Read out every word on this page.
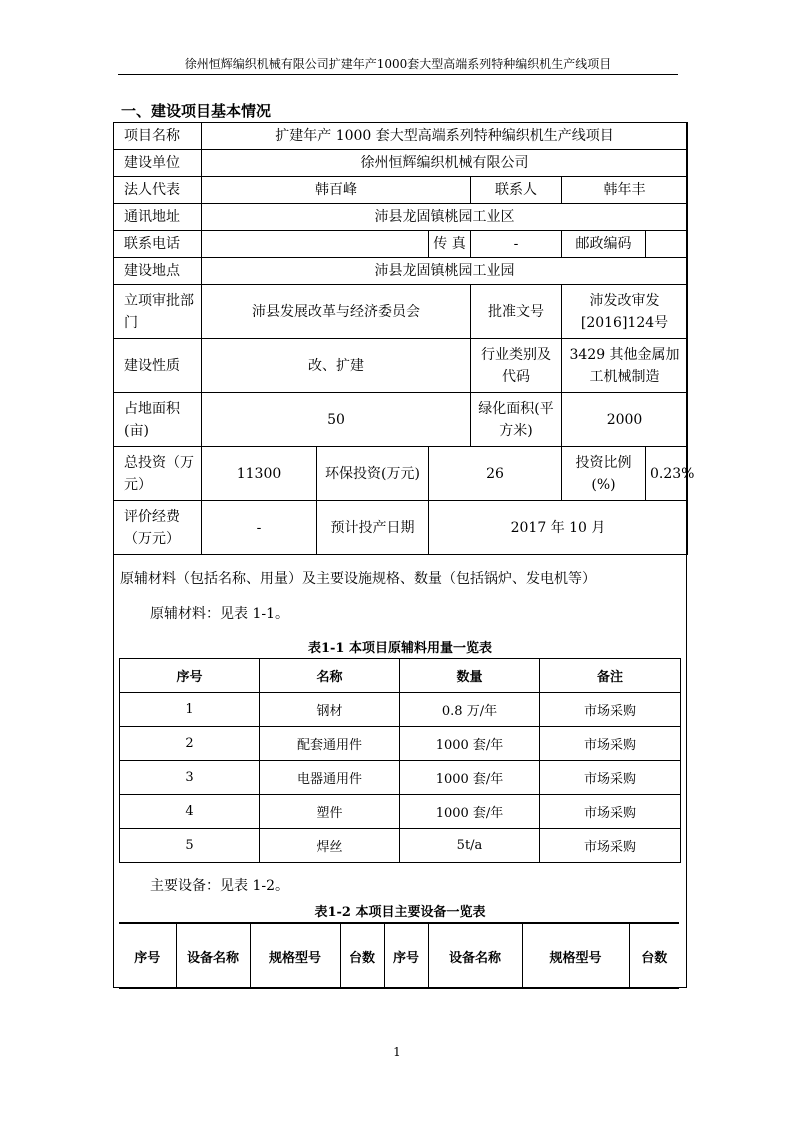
徐州恒辉编织机械有限公司扩建年产1000套大型高端系列特种编织机生产线项目
一、建设项目基本情况
项目名称	扩建年产 1000 套大型高端系列特种编织机生产线项目					
建设单位	徐州恒辉编织机械有限公司					
法人代表	韩百峰			联系人	韩年丰	
通讯地址	沛县龙固镇桃园工业区					
联系电话			传 真	-	邮政编码	
建设地点	沛县龙固镇桃园工业园					
立项审批部门	沛县发展改革与经济委员会			批准文号	沛发改审发[2016]124号	
建设性质	改、扩建			行业类别及代码	3429 其他金属加工机械制造	
占地面积(亩)	50			绿化面积(平方米)	2000	
总投资（万元）	11300	环保投资(万元)	26		投资比例(%)	0.23%
评价经费（万元）	-	预计投产日期	2017 年 10 月			
原辅材料（包括名称、用量）及主要设施规格、数量（包括锅炉、发电机等）
原辅材料：见表 1-1。
表1-1 本项目原辅料用量一览表
序号	名称	数量	备注
1	钢材	0.8 万/年	市场采购
2	配套通用件	1000 套/年	市场采购
3	电器通用件	1000 套/年	市场采购
4	塑件	1000 套/年	市场采购
5	焊丝	5t/a	市场采购
主要设备：见表 1-2。
表1-2 本项目主要设备一览表
序号	设备名称	规格型号	台数	序号	设备名称	规格型号	台数
1
